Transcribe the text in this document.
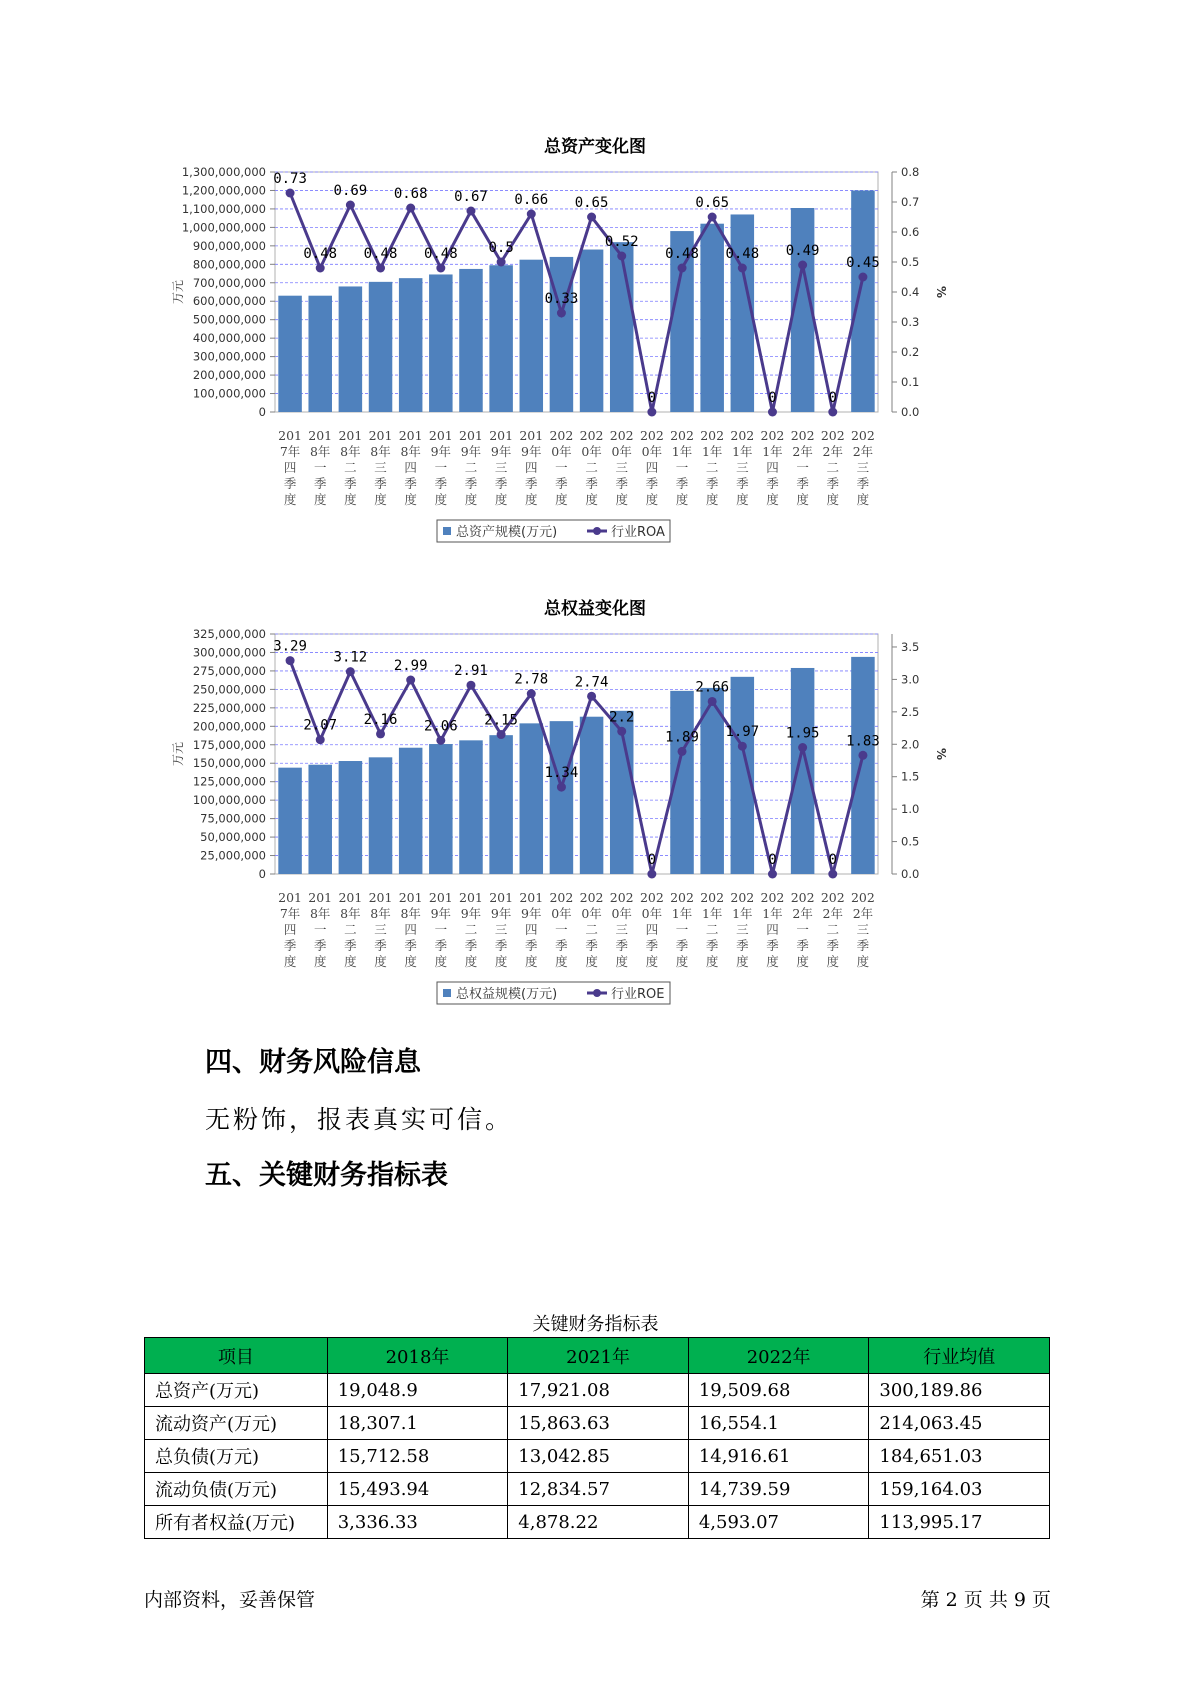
总资产变化图
0
100,000,000
200,000,000
300,000,000
400,000,000
500,000,000
600,000,000
700,000,000
800,000,000
900,000,000
1,000,000,000
1,100,000,000
1,200,000,000
1,300,000,000
0.0
0.1
0.2
0.3
0.4
0.5
0.6
0.7
0.8
万元	%
201
7年
四
季
度
201
8年
一
季
度
201
8年
二
季
度
201
8年
三
季
度
201
8年
四
季
度
201
9年
一
季
度
201
9年
二
季
度
201
9年
三
季
度
201
9年
四
季
度
202
0年
一
季
度
202
0年
二
季
度
202
0年
三
季
度
202
0年
四
季
度
202
1年
一
季
度
202
1年
二
季
度
202
1年
三
季
度
202
1年
四
季
度
202
2年
一
季
度
202
2年
二
季
度
202
2年
三
季
度
0.73
0.48
0.69
0.48
0.68
0.48
0.67
0.5
0.66
0.33
0.65
0.52
0
0.48
0.65
0.48
0
0.49
0
0.45
总资产规模(万元)	行业ROA
总权益变化图
0
25,000,000
50,000,000
75,000,000
100,000,000
125,000,000
150,000,000
175,000,000
200,000,000
225,000,000
250,000,000
275,000,000
300,000,000
325,000,000
0.0
0.5
1.0
1.5
2.0
2.5
3.0
3.5
万元	%
201
7年
四
季
度
201
8年
一
季
度
201
8年
二
季
度
201
8年
三
季
度
201
8年
四
季
度
201
9年
一
季
度
201
9年
二
季
度
201
9年
三
季
度
201
9年
四
季
度
202
0年
一
季
度
202
0年
二
季
度
202
0年
三
季
度
202
0年
四
季
度
202
1年
一
季
度
202
1年
二
季
度
202
1年
三
季
度
202
1年
四
季
度
202
2年
一
季
度
202
2年
二
季
度
202
2年
三
季
度
3.29
2.07
3.12
2.16
2.99
2.06
2.91
2.15
2.78
1.34
2.74
2.2
0
1.89
2.66
1.97
0
1.95
0
1.83
总权益规模(万元)	行业ROE
四、财务风险信息
无粉饰，报表真实可信。
五、关键财务指标表
关键财务指标表
项目	2018年	2021年	2022年	行业均值
总资产(万元)	19,048.9	17,921.08	19,509.68	300,189.86
流动资产(万元)	18,307.1	15,863.63	16,554.1	214,063.45
总负债(万元)	15,712.58	13,042.85	14,916.61	184,651.03
流动负债(万元)	15,493.94	12,834.57	14,739.59	159,164.03
所有者权益(万元)	3,336.33	4,878.22	4,593.07	113,995.17
内部资料，妥善保管	第 2 页 共 9 页
